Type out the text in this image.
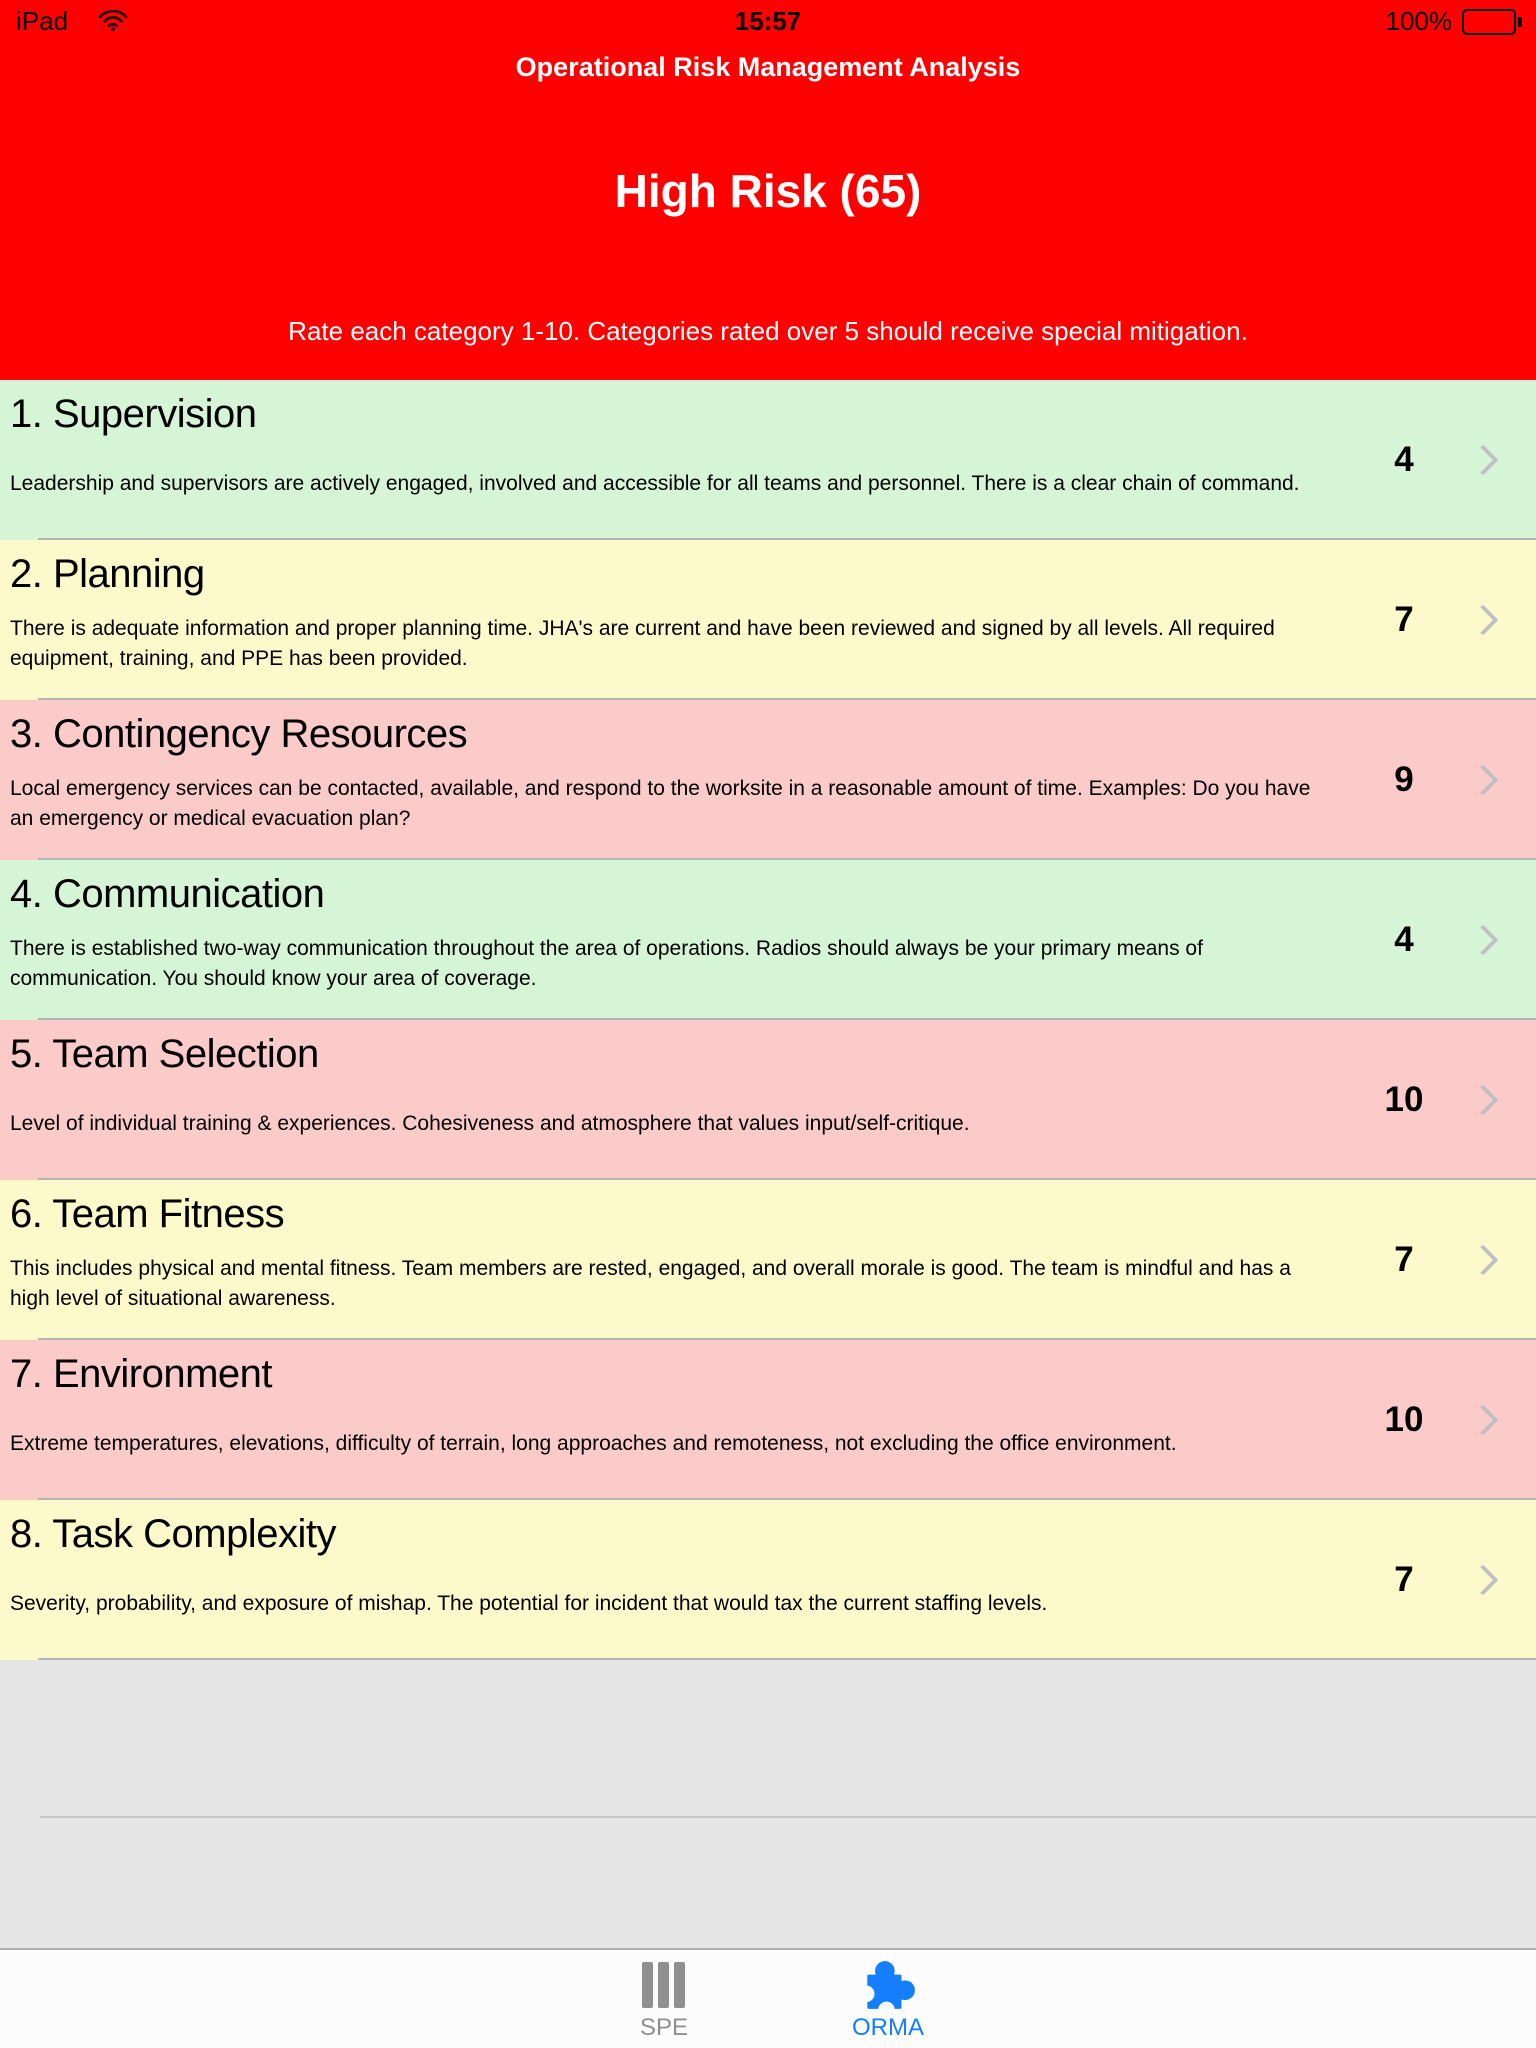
iPad	15:57	100%
Operational Risk Management Analysis
High Risk (65)
Rate each category 1-10. Categories rated over 5 should receive special mitigation.
1. Supervision
Leadership and supervisors are actively engaged, involved and accessible for all teams and personnel. There is a clear chain of command.
4
2. Planning
There is adequate information and proper planning time. JHA's are current and have been reviewed and signed by all levels. All required equipment, training, and PPE has been provided.
7
3. Contingency Resources
Local emergency services can be contacted, available, and respond to the worksite in a reasonable amount of time. Examples: Do you have an emergency or medical evacuation plan?
9
4. Communication
There is established two-way communication throughout the area of operations. Radios should always be your primary means of communication. You should know your area of coverage.
4
5. Team Selection
Level of individual training & experiences. Cohesiveness and atmosphere that values input/self-critique.
10
6. Team Fitness
This includes physical and mental fitness. Team members are rested, engaged, and overall morale is good. The team is mindful and has a high level of situational awareness.
7
7. Environment
Extreme temperatures, elevations, difficulty of terrain, long approaches and remoteness, not excluding the office environment.
10
8. Task Complexity
Severity, probability, and exposure of mishap. The potential for incident that would tax the current staffing levels.
7
SPE	ORMA
